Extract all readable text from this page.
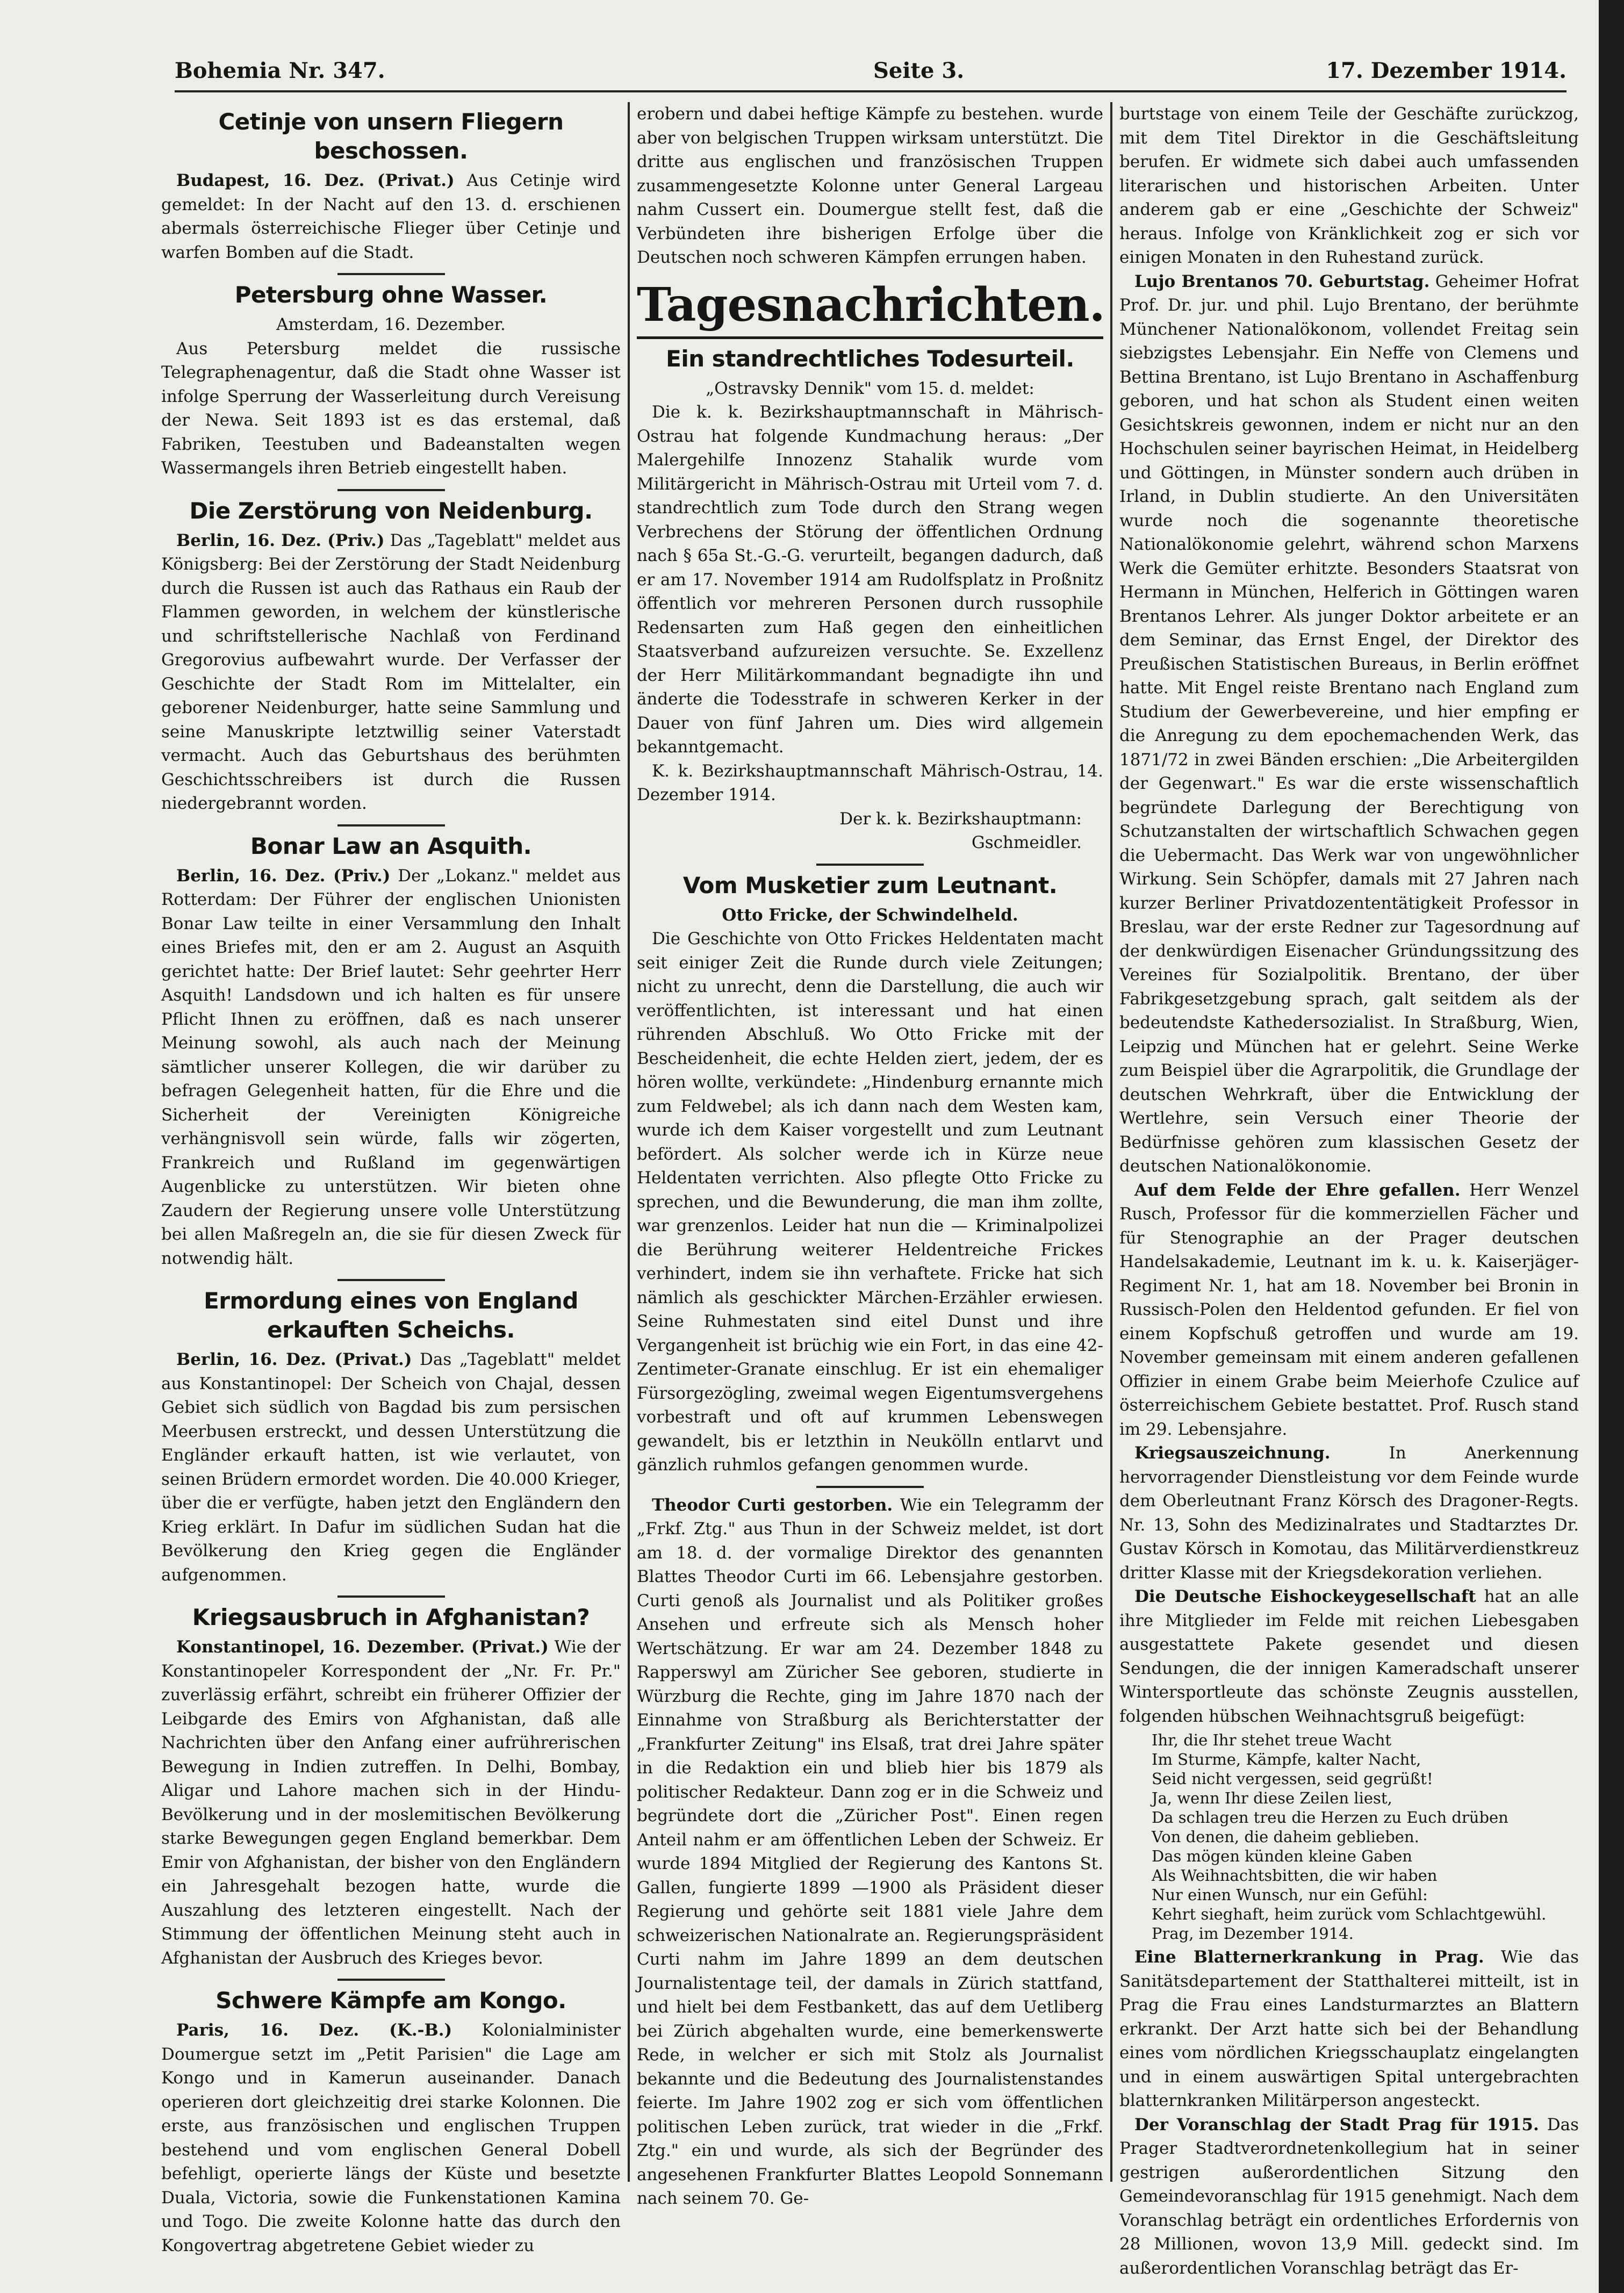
Bohemia Nr. 347.	Seite 3.	17. Dezember 1914.
Cetinje von unsern Fliegern beschossen.

Budapest, 16. Dez. (Privat.) Aus Cetinje wird gemeldet: In der Nacht auf den 13. d. erschienen abermals österreichische Flieger über Cetinje und warfen Bomben auf die Stadt.

Petersburg ohne Wasser.

Amsterdam, 16. Dezember.

Aus Petersburg meldet die russische Telegraphenagentur, daß die Stadt ohne Wasser ist infolge Sperrung der Wasserleitung durch Vereisung der Newa. Seit 1893 ist es das erstemal, daß Fabriken, Teestuben und Badeanstalten wegen Wassermangels ihren Betrieb eingestellt haben.

Die Zerstörung von Neidenburg.

Berlin, 16. Dez. (Priv.) Das „Tageblatt" meldet aus Königsberg: Bei der Zerstörung der Stadt Neidenburg durch die Russen ist auch das Rathaus ein Raub der Flammen geworden, in welchem der künstlerische und schriftstellerische Nachlaß von Ferdinand Gregorovius aufbewahrt wurde. Der Verfasser der Geschichte der Stadt Rom im Mittelalter, ein geborener Neidenburger, hatte seine Sammlung und seine Manuskripte letztwillig seiner Vaterstadt vermacht. Auch das Geburtshaus des berühmten Geschichtsschreibers ist durch die Russen niedergebrannt worden.

Bonar Law an Asquith.

Berlin, 16. Dez. (Priv.) Der „Lokanz." meldet aus Rotterdam: Der Führer der englischen Unionisten Bonar Law teilte in einer Versammlung den Inhalt eines Briefes mit, den er am 2. August an Asquith gerichtet hatte: Der Brief lautet: Sehr geehrter Herr Asquith! Landsdown und ich halten es für unsere Pflicht Ihnen zu eröffnen, daß es nach unserer Meinung sowohl, als auch nach der Meinung sämtlicher unserer Kollegen, die wir darüber zu befragen Gelegenheit hatten, für die Ehre und die Sicherheit der Vereinigten Königreiche verhängnisvoll sein würde, falls wir zögerten, Frankreich und Rußland im gegenwärtigen Augenblicke zu unterstützen. Wir bieten ohne Zaudern der Regierung unsere volle Unterstützung bei allen Maßregeln an, die sie für diesen Zweck für notwendig hält.

Ermordung eines von England erkauften Scheichs.

Berlin, 16. Dez. (Privat.) Das „Tageblatt" meldet aus Konstantinopel: Der Scheich von Chajal, dessen Gebiet sich südlich von Bagdad bis zum persischen Meerbusen erstreckt, und dessen Unterstützung die Engländer erkauft hatten, ist wie verlautet, von seinen Brüdern ermordet worden. Die 40.000 Krieger, über die er verfügte, haben jetzt den Engländern den Krieg erklärt. In Dafur im südlichen Sudan hat die Bevölkerung den Krieg gegen die Engländer aufgenommen.

Kriegsausbruch in Afghanistan?

Konstantinopel, 16. Dezember. (Privat.) Wie der Konstantinopeler Korrespondent der „Nr. Fr. Pr." zuverlässig erfährt, schreibt ein früherer Offizier der Leibgarde des Emirs von Afghanistan, daß alle Nachrichten über den Anfang einer aufrührerischen Bewegung in Indien zutreffen. In Delhi, Bombay, Aligar und Lahore machen sich in der Hindu-Bevölkerung und in der moslemitischen Bevölkerung starke Bewegungen gegen England bemerkbar. Dem Emir von Afghanistan, der bisher von den Engländern ein Jahresgehalt bezogen hatte, wurde die Auszahlung des letzteren eingestellt. Nach der Stimmung der öffentlichen Meinung steht auch in Afghanistan der Ausbruch des Krieges bevor.

Schwere Kämpfe am Kongo.

Paris, 16. Dez. (K.-B.) Kolonialminister Doumergue setzt im „Petit Parisien" die Lage am Kongo und in Kamerun auseinander. Danach operieren dort gleichzeitig drei starke Kolonnen. Die erste, aus französischen und englischen Truppen bestehend und vom englischen General Dobell befehligt, operierte längs der Küste und besetzte Duala, Victoria, sowie die Funkenstationen Kamina und Togo. Die zweite Kolonne hatte das durch den Kongovertrag abgetretene Gebiet wieder zu

erobern und dabei heftige Kämpfe zu bestehen. wurde aber von belgischen Truppen wirksam unterstützt. Die dritte aus englischen und französischen Truppen zusammengesetzte Kolonne unter General Largeau nahm Cussert ein. Doumergue stellt fest, daß die Verbündeten ihre bisherigen Erfolge über die Deutschen noch schweren Kämpfen errungen haben.

Tagesnachrichten.
Ein standrechtliches Todesurteil.

„Ostravsky Dennik" vom 15. d. meldet:

Die k. k. Bezirkshauptmannschaft in Mährisch-Ostrau hat folgende Kundmachung heraus: „Der Malergehilfe Innozenz Stahalik wurde vom Militärgericht in Mährisch-Ostrau mit Urteil vom 7. d. standrechtlich zum Tode durch den Strang wegen Verbrechens der Störung der öffentlichen Ordnung nach § 65a St.-G.-G. verurteilt, begangen dadurch, daß er am 17. November 1914 am Rudolfsplatz in Proßnitz öffentlich vor mehreren Personen durch russophile Redensarten zum Haß gegen den einheitlichen Staatsverband aufzureizen versuchte. Se. Exzellenz der Herr Militärkommandant begnadigte ihn und änderte die Todesstrafe in schweren Kerker in der Dauer von fünf Jahren um. Dies wird allgemein bekanntgemacht.

K. k. Bezirkshauptmannschaft Mährisch-Ostrau, 14. Dezember 1914.

Der k. k. Bezirkshauptmann:

Gschmeidler.

Vom Musketier zum Leutnant.

Otto Fricke, der Schwindelheld.

Die Geschichte von Otto Frickes Heldentaten macht seit einiger Zeit die Runde durch viele Zeitungen; nicht zu unrecht, denn die Darstellung, die auch wir veröffentlichten, ist interessant und hat einen rührenden Abschluß. Wo Otto Fricke mit der Bescheidenheit, die echte Helden ziert, jedem, der es hören wollte, verkündete: „Hindenburg ernannte mich zum Feldwebel; als ich dann nach dem Westen kam, wurde ich dem Kaiser vorgestellt und zum Leutnant befördert. Als solcher werde ich in Kürze neue Heldentaten verrichten. Also pflegte Otto Fricke zu sprechen, und die Bewunderung, die man ihm zollte, war grenzenlos. Leider hat nun die — Kriminalpolizei die Berührung weiterer Heldentreiche Frickes verhindert, indem sie ihn verhaftete. Fricke hat sich nämlich als geschickter Märchen-Erzähler erwiesen. Seine Ruhmestaten sind eitel Dunst und ihre Vergangenheit ist brüchig wie ein Fort, in das eine 42-Zentimeter-Granate einschlug. Er ist ein ehemaliger Fürsorgezögling, zweimal wegen Eigentumsvergehens vorbestraft und oft auf krummen Lebenswegen gewandelt, bis er letzthin in Neukölln entlarvt und gänzlich ruhmlos gefangen genommen wurde.

Theodor Curti gestorben. Wie ein Telegramm der „Frkf. Ztg." aus Thun in der Schweiz meldet, ist dort am 18. d. der vormalige Direktor des genannten Blattes Theodor Curti im 66. Lebensjahre gestorben. Curti genoß als Journalist und als Politiker großes Ansehen und erfreute sich als Mensch hoher Wertschätzung. Er war am 24. Dezember 1848 zu Rapperswyl am Züricher See geboren, studierte in Würzburg die Rechte, ging im Jahre 1870 nach der Einnahme von Straßburg als Berichterstatter der „Frankfurter Zeitung" ins Elsaß, trat drei Jahre später in die Redaktion ein und blieb hier bis 1879 als politischer Redakteur. Dann zog er in die Schweiz und begründete dort die „Züricher Post". Einen regen Anteil nahm er am öffentlichen Leben der Schweiz. Er wurde 1894 Mitglied der Regierung des Kantons St. Gallen, fungierte 1899 —1900 als Präsident dieser Regierung und gehörte seit 1881 viele Jahre dem schweizerischen Nationalrate an. Regierungspräsident Curti nahm im Jahre 1899 an dem deutschen Journalistentage teil, der damals in Zürich stattfand, und hielt bei dem Festbankett, das auf dem Uetliberg bei Zürich abgehalten wurde, eine bemerkenswerte Rede, in welcher er sich mit Stolz als Journalist bekannte und die Bedeutung des Journalistenstandes feierte. Im Jahre 1902 zog er sich vom öffentlichen politischen Leben zurück, trat wieder in die „Frkf. Ztg." ein und wurde, als sich der Begründer des angesehenen Frankfurter Blattes Leopold Sonnemann nach seinem 70. Ge-

burtstage von einem Teile der Geschäfte zurückzog, mit dem Titel Direktor in die Geschäftsleitung berufen. Er widmete sich dabei auch umfassenden literarischen und historischen Arbeiten. Unter anderem gab er eine „Geschichte der Schweiz" heraus. Infolge von Kränklichkeit zog er sich vor einigen Monaten in den Ruhestand zurück.

Lujo Brentanos 70. Geburtstag. Geheimer Hofrat Prof. Dr. jur. und phil. Lujo Brentano, der berühmte Münchener Nationalökonom, vollendet Freitag sein siebzigstes Lebensjahr. Ein Neffe von Clemens und Bettina Brentano, ist Lujo Brentano in Aschaffenburg geboren, und hat schon als Student einen weiten Gesichtskreis gewonnen, indem er nicht nur an den Hochschulen seiner bayrischen Heimat, in Heidelberg und Göttingen, in Münster sondern auch drüben in Irland, in Dublin studierte. An den Universitäten wurde noch die sogenannte theoretische Nationalökonomie gelehrt, während schon Marxens Werk die Gemüter erhitzte. Besonders Staatsrat von Hermann in München, Helferich in Göttingen waren Brentanos Lehrer. Als junger Doktor arbeitete er an dem Seminar, das Ernst Engel, der Direktor des Preußischen Statistischen Bureaus, in Berlin eröffnet hatte. Mit Engel reiste Brentano nach England zum Studium der Gewerbevereine, und hier empfing er die Anregung zu dem epochemachenden Werk, das 1871/72 in zwei Bänden erschien: „Die Arbeitergilden der Gegenwart." Es war die erste wissenschaftlich begründete Darlegung der Berechtigung von Schutzanstalten der wirtschaftlich Schwachen gegen die Uebermacht. Das Werk war von ungewöhnlicher Wirkung. Sein Schöpfer, damals mit 27 Jahren nach kurzer Berliner Privatdozententätigkeit Professor in Breslau, war der erste Redner zur Tagesordnung auf der denkwürdigen Eisenacher Gründungssitzung des Vereines für Sozialpolitik. Brentano, der über Fabrikgesetzgebung sprach, galt seitdem als der bedeutendste Kathedersozialist. In Straßburg, Wien, Leipzig und München hat er gelehrt. Seine Werke zum Beispiel über die Agrarpolitik, die Grundlage der deutschen Wehrkraft, über die Entwicklung der Wertlehre, sein Versuch einer Theorie der Bedürfnisse gehören zum klassischen Gesetz der deutschen Nationalökonomie.

Auf dem Felde der Ehre gefallen. Herr Wenzel Rusch, Professor für die kommerziellen Fächer und für Stenographie an der Prager deutschen Handelsakademie, Leutnant im k. u. k. Kaiserjäger-Regiment Nr. 1, hat am 18. November bei Bronin in Russisch-Polen den Heldentod gefunden. Er fiel von einem Kopfschuß getroffen und wurde am 19. November gemeinsam mit einem anderen gefallenen Offizier in einem Grabe beim Meierhofe Czulice auf österreichischem Gebiete bestattet. Prof. Rusch stand im 29. Lebensjahre.

Kriegsauszeichnung.	In Anerkennung hervorragender Dienstleistung vor dem Feinde wurde dem Oberleutnant Franz Körsch des Dragoner-Regts. Nr. 13, Sohn des Medizinalrates und Stadtarztes Dr. Gustav Körsch in Komotau, das Militärverdienstkreuz dritter Klasse mit der Kriegsdekoration verliehen.

Die Deutsche Eishockeygesellschaft hat an alle ihre Mitglieder im Felde mit reichen Liebesgaben ausgestattete Pakete gesendet und diesen Sendungen, die der innigen Kameradschaft unserer Wintersportleute das schönste Zeugnis ausstellen, folgenden hübschen Weihnachtsgruß beigefügt:

Ihr, die Ihr stehet treue Wacht
Im Sturme, Kämpfe, kalter Nacht,
Seid nicht vergessen, seid gegrüßt!
Ja, wenn Ihr diese Zeilen liest,
Da schlagen treu die Herzen zu Euch drüben
Von denen, die daheim geblieben.
Das mögen künden kleine Gaben
Als Weihnachtsbitten, die wir haben
Nur einen Wunsch, nur ein Gefühl:
Kehrt sieghaft, heim zurück vom Schlachtgewühl.
Prag, im Dezember 1914.

Eine Blatternerkrankung in Prag. Wie das Sanitätsdepartement der Statthalterei mitteilt, ist in Prag die Frau eines Landsturmarztes an Blattern erkrankt. Der Arzt hatte sich bei der Behandlung eines vom nördlichen Kriegsschauplatz eingelangten und in einem auswärtigen Spital untergebrachten blatternkranken Militärperson angesteckt.

Der Voranschlag der Stadt Prag für 1915. Das Prager Stadtverordnetenkollegium hat in seiner gestrigen außerordentlichen Sitzung den Gemeindevoranschlag für 1915 genehmigt. Nach dem Voranschlag beträgt ein ordentliches Erfordernis von 28 Millionen, wovon 13,9 Mill. gedeckt sind. Im außerordentlichen Voranschlag beträgt das Er-
